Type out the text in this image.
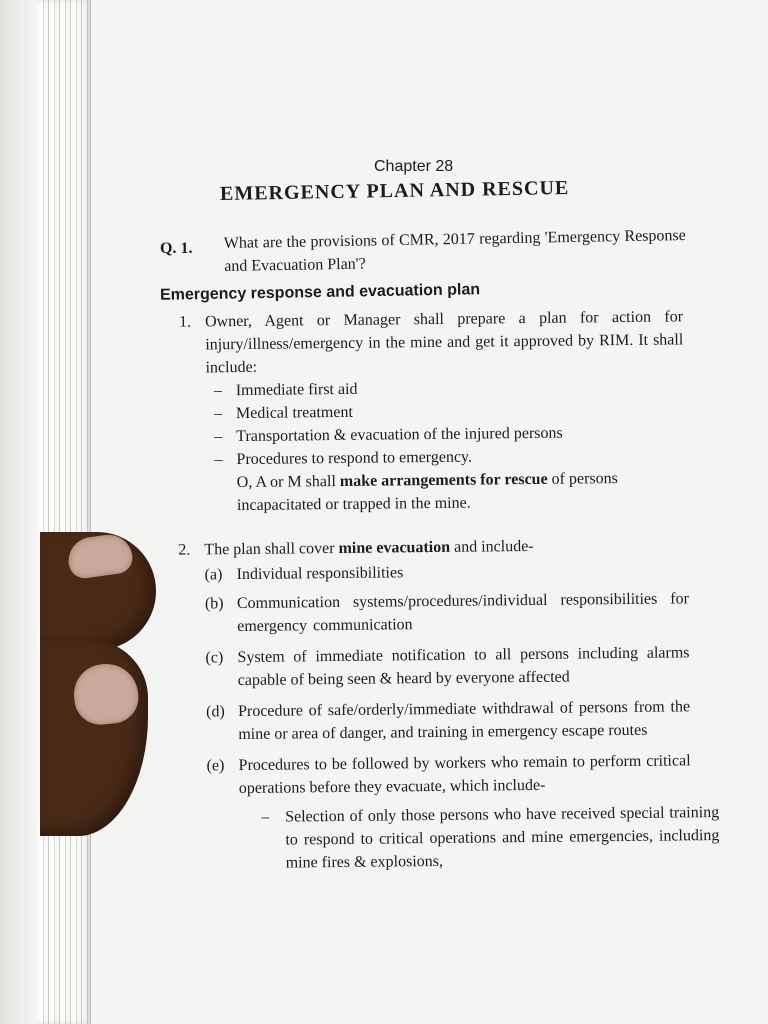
Chapter 28
EMERGENCY PLAN AND RESCUE
Q. 1. What are the provisions of CMR, 2017 regarding 'Emergency Response and Evacuation Plan'?
Emergency response and evacuation plan
1. Owner, Agent or Manager shall prepare a plan for action for injury/illness/emergency in the mine and get it approved by RIM. It shall include:
– Immediate first aid
– Medical treatment
– Transportation & evacuation of the injured persons
– Procedures to respond to emergency.
O, A or M shall make arrangements for rescue of persons incapacitated or trapped in the mine.
2. The plan shall cover mine evacuation and include-
(a) Individual responsibilities
(b) Communication systems/procedures/individual responsibilities for emergency communication
(c) System of immediate notification to all persons including alarms capable of being seen & heard by everyone affected
(d) Procedure of safe/orderly/immediate withdrawal of persons from the mine or area of danger, and training in emergency escape routes
(e) Procedures to be followed by workers who remain to perform critical operations before they evacuate, which include-
– Selection of only those persons who have received special training to respond to critical operations and mine emergencies, including mine fires & explosions,
